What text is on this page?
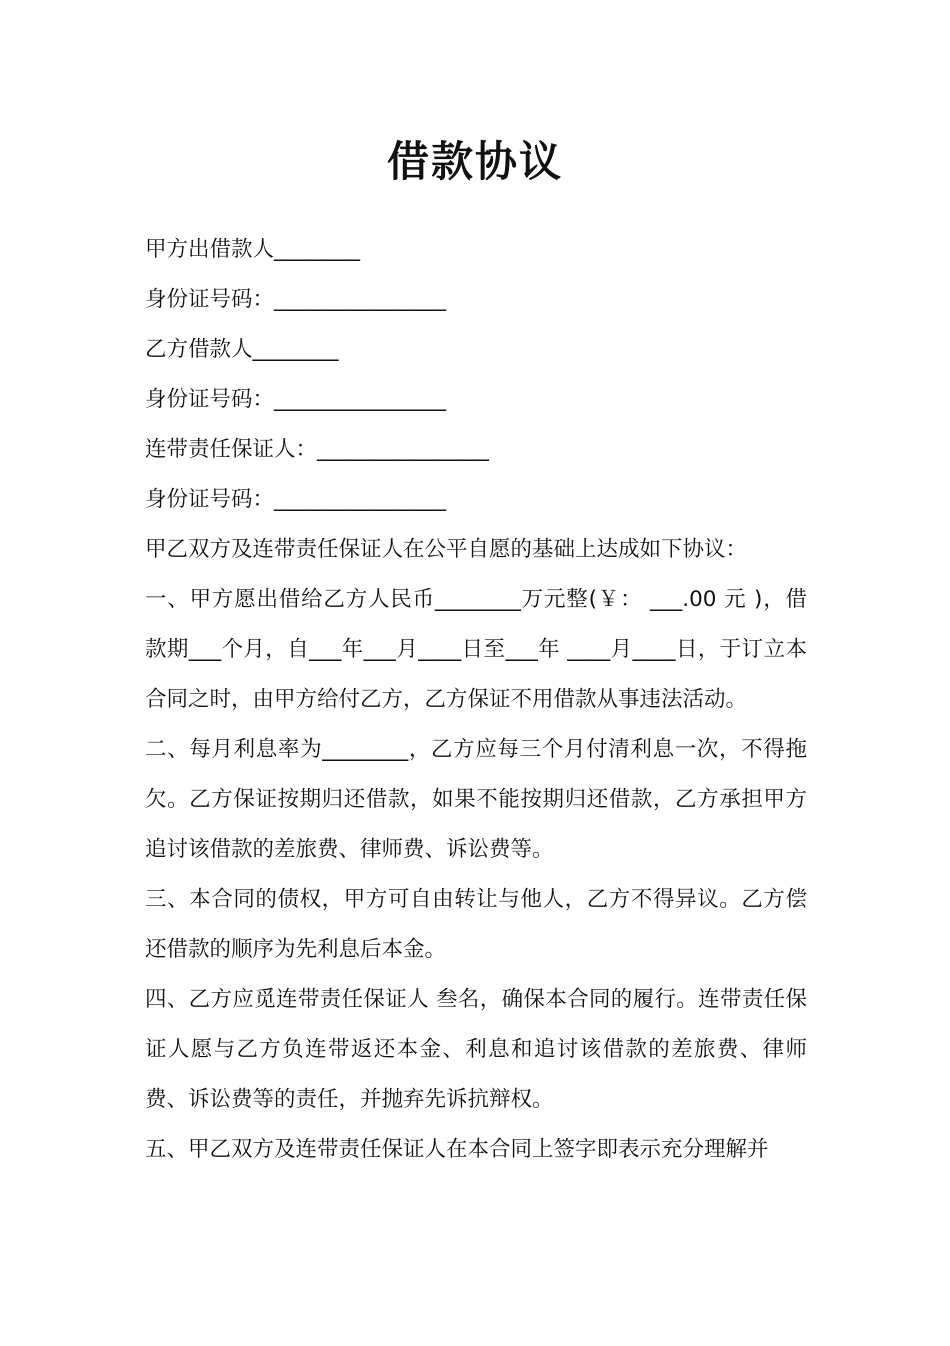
借款协议
甲方出借款人________
身份证号码：________________
乙方借款人________
身份证号码：________________
连带责任保证人：________________
身份证号码：________________
甲乙双方及连带责任保证人在公平自愿的基础上达成如下协议：
一、甲方愿出借给乙方人民币________万元整(￥： ___.00 元 )，借款期___个月，自___年___月____日至___年 ____月____日，于订立本合同之时，由甲方给付乙方，乙方保证不用借款从事违法活动。
二、每月利息率为________，乙方应每三个月付清利息一次，不得拖欠。乙方保证按期归还借款，如果不能按期归还借款，乙方承担甲方追讨该借款的差旅费、律师费、诉讼费等。
三、本合同的债权，甲方可自由转让与他人，乙方不得异议。乙方偿还借款的顺序为先利息后本金。
四、乙方应觅连带责任保证人 叁名，确保本合同的履行。连带责任保证人愿与乙方负连带返还本金、利息和追讨该借款的差旅费、律师费、诉讼费等的责任，并抛弃先诉抗辩权。
五、甲乙双方及连带责任保证人在本合同上签字即表示充分理解并
